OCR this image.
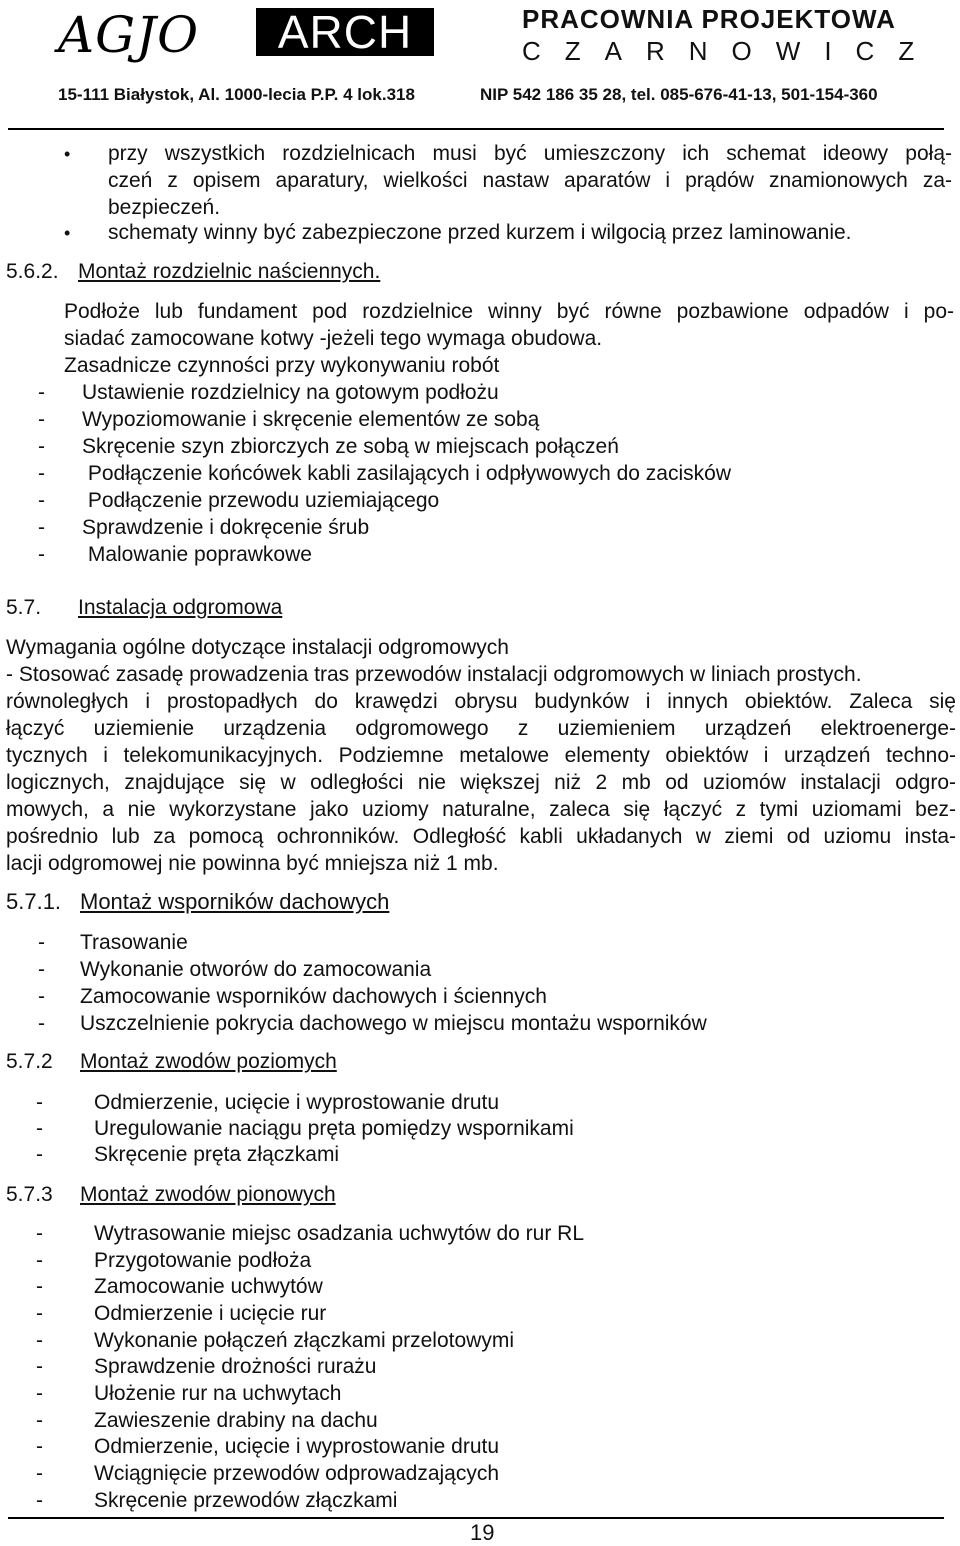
AGJO	ARCH	PRACOWNIA PROJEKTOWA
CZARNOWICZ
15-111 Białystok, Al. 1000-lecia P.P. 4 lok.318	NIP 542 186 35 28, tel. 085-676-41-13, 501-154-360
• przy wszystkich rozdzielnicach musi być umieszczony ich schemat ideowy połą-
czeń z opisem aparatury, wielkości nastaw aparatów i prądów znamionowych za-
bezpieczeń.
• schematy winny być zabezpieczone przed kurzem i wilgocią przez laminowanie.
5.6.2. Montaż rozdzielnic naściennych.
Podłoże lub fundament pod rozdzielnice winny być równe pozbawione odpadów i po-
siadać zamocowane kotwy -jeżeli tego wymaga obudowa.
Zasadnicze czynności przy wykonywaniu robót
- Ustawienie rozdzielnicy na gotowym podłożu
- Wypoziomowanie i skręcenie elementów ze sobą
- Skręcenie szyn zbiorczych ze sobą w miejscach połączeń
- Podłączenie końcówek kabli zasilających i odpływowych do zacisków
- Podłączenie przewodu uziemiającego
- Sprawdzenie i dokręcenie śrub
- Malowanie poprawkowe
5.7. Instalacja odgromowa
Wymagania ogólne dotyczące instalacji odgromowych
- Stosować zasadę prowadzenia tras przewodów instalacji odgromowych w liniach prostych.
równoległych i prostopadłych do krawędzi obrysu budynków i innych obiektów. Zaleca się
łączyć uziemienie urządzenia odgromowego z uziemieniem urządzeń elektroenerge-
tycznych i telekomunikacyjnych. Podziemne metalowe elementy obiektów i urządzeń techno-
logicznych, znajdujące się w odległości nie większej niż 2 mb od uziomów instalacji odgro-
mowych, a nie wykorzystane jako uziomy naturalne, zaleca się łączyć z tymi uziomami bez-
pośrednio lub za pomocą ochronników. Odległość kabli układanych w ziemi od uziomu insta-
lacji odgromowej nie powinna być mniejsza niż 1 mb.
5.7.1. Montaż wsporników dachowych
- Trasowanie
- Wykonanie otworów do zamocowania
- Zamocowanie wsporników dachowych i ściennych
- Uszczelnienie pokrycia dachowego w miejscu montażu wsporników
5.7.2 Montaż zwodów poziomych
- Odmierzenie, ucięcie i wyprostowanie drutu
- Uregulowanie naciągu pręta pomiędzy wspornikami
- Skręcenie pręta złączkami
5.7.3 Montaż zwodów pionowych
- Wytrasowanie miejsc osadzania uchwytów do rur RL
- Przygotowanie podłoża
- Zamocowanie uchwytów
- Odmierzenie i ucięcie rur
- Wykonanie połączeń złączkami przelotowymi
- Sprawdzenie drożności rurażu
- Ułożenie rur na uchwytach
- Zawieszenie drabiny na dachu
- Odmierzenie, ucięcie i wyprostowanie drutu
- Wciągnięcie przewodów odprowadzających
- Skręcenie przewodów złączkami
19
